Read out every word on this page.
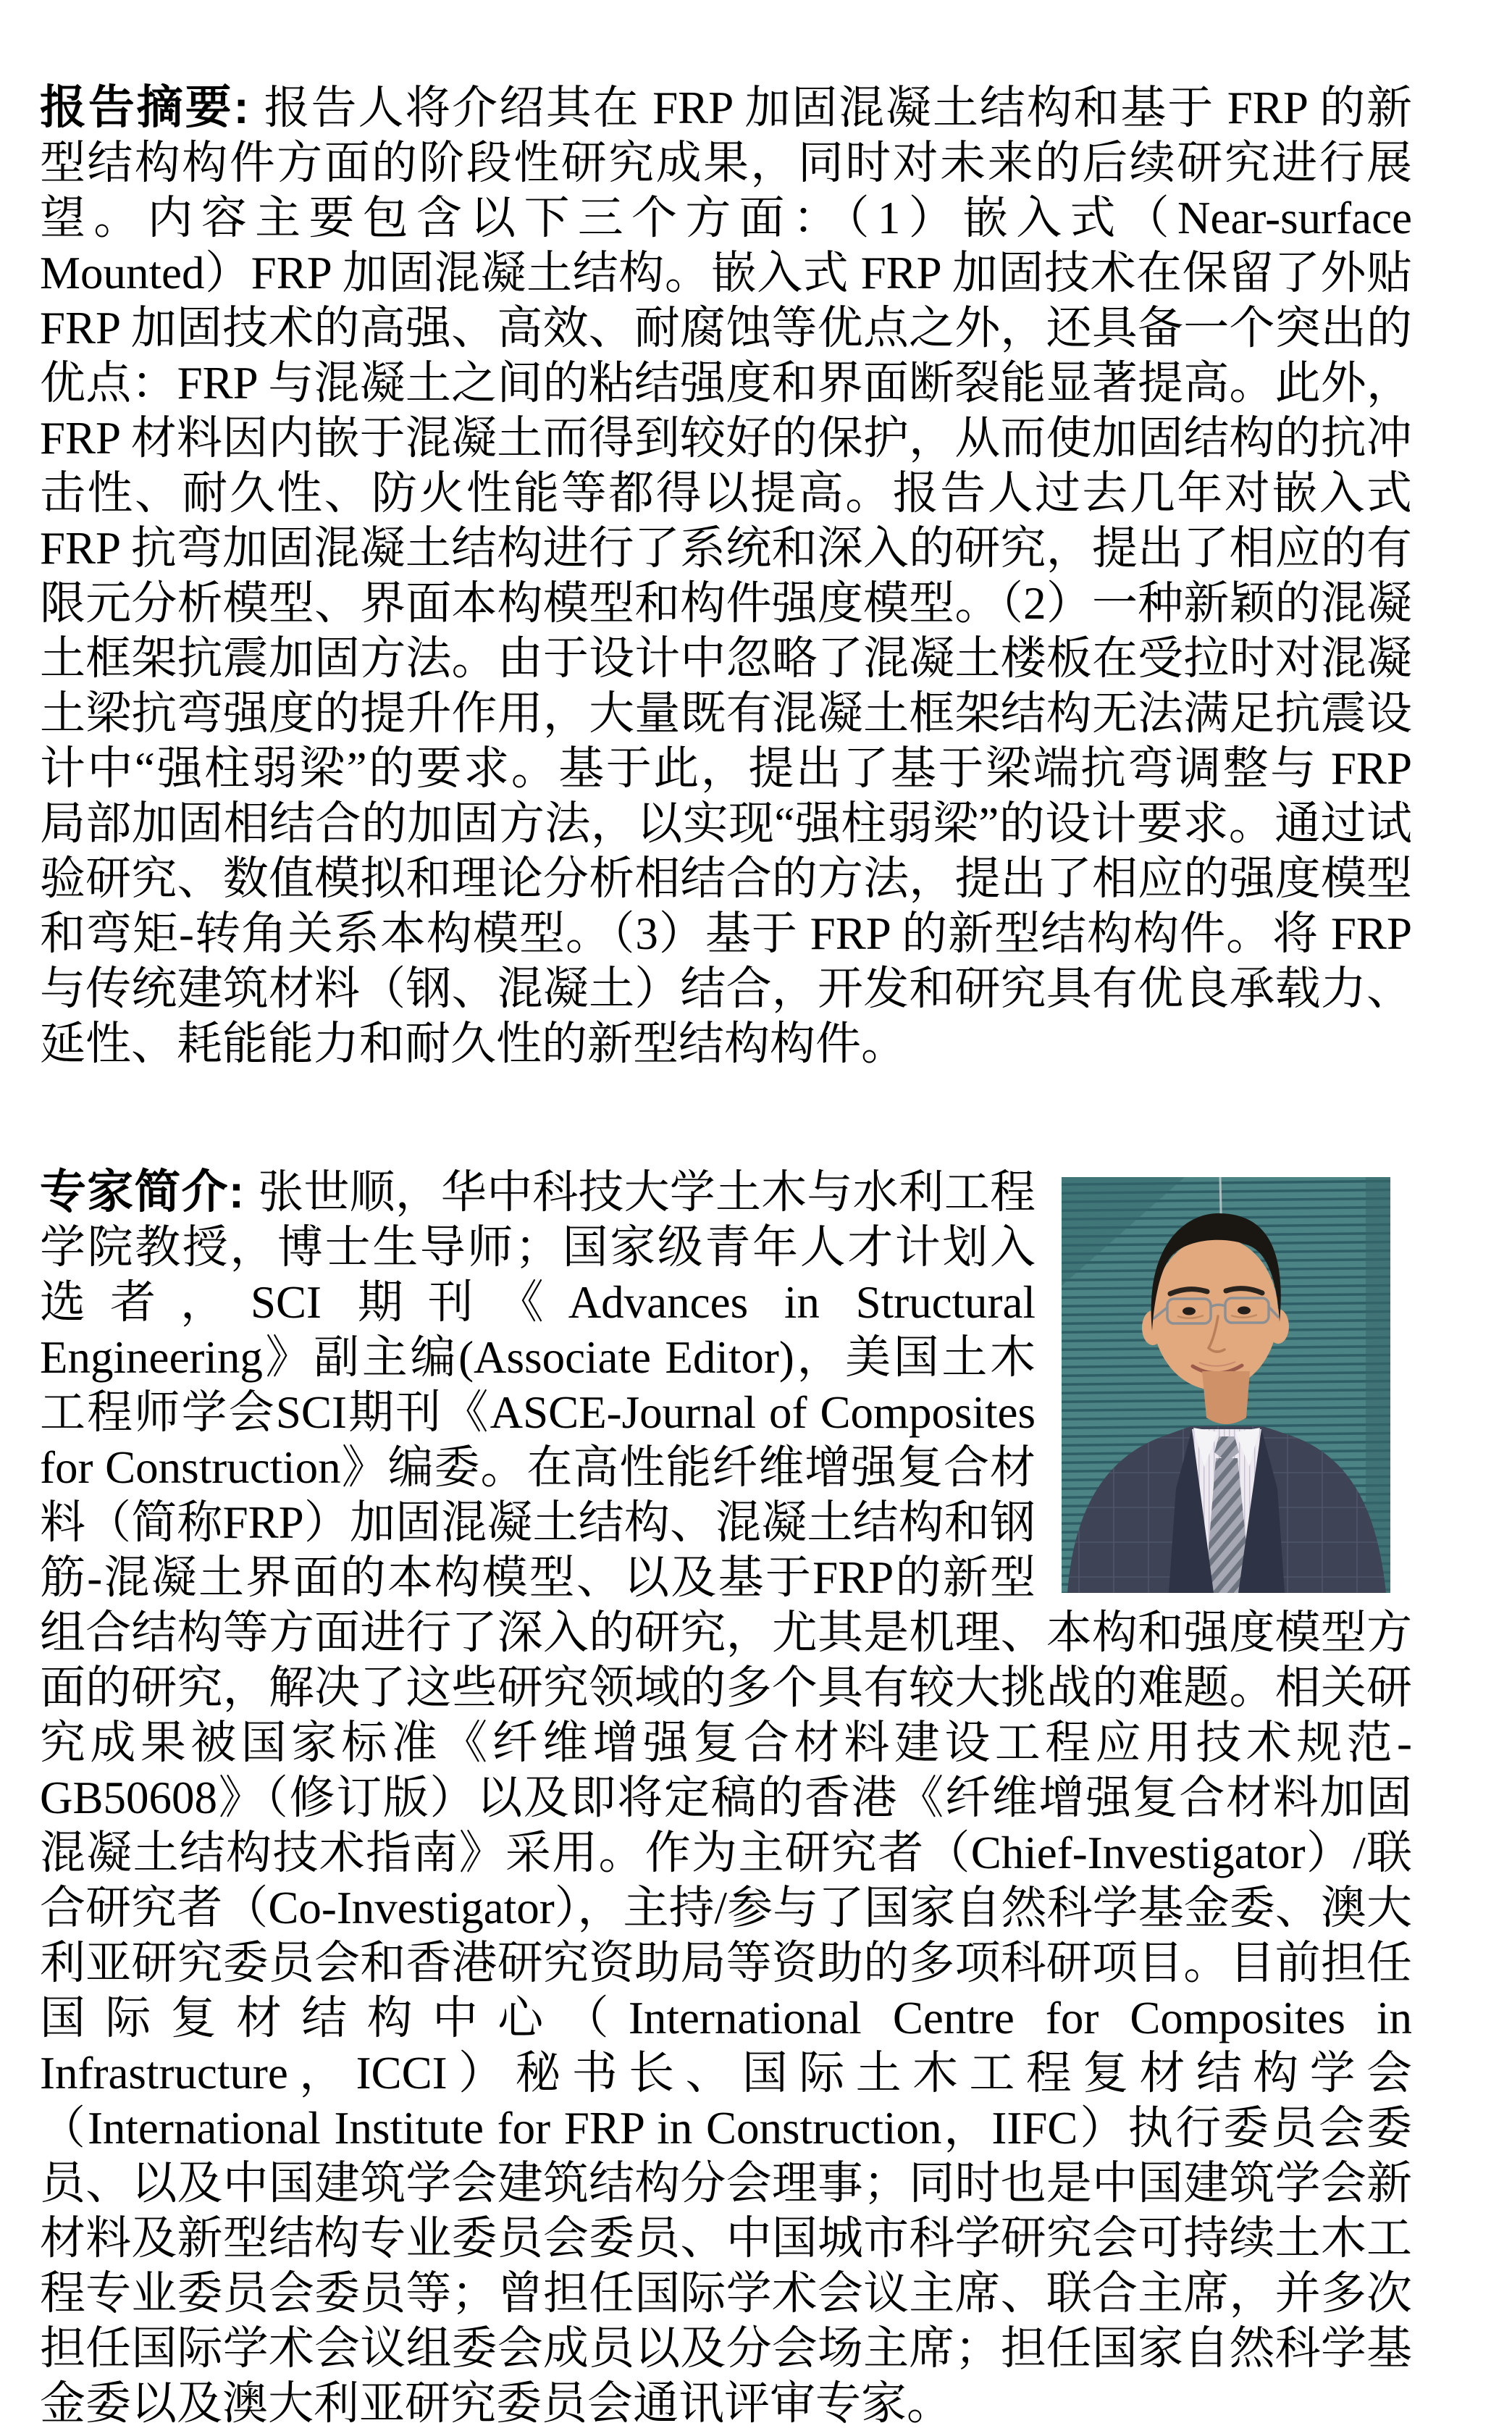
报告摘要: 报告人将介绍其在 FRP 加固混凝土结构和基于 FRP 的新型结构构件方面的阶段性研究成果，同时对未来的后续研究进行展望。内容主要包含以下三个方面：（1）嵌入式（Near-surface Mounted）FRP 加固混凝土结构。嵌入式 FRP 加固技术在保留了外贴 FRP 加固技术的高强、高效、耐腐蚀等优点之外，还具备一个突出的优点：FRP 与混凝土之间的粘结强度和界面断裂能显著提高。此外，FRP 材料因内嵌于混凝土而得到较好的保护，从而使加固结构的抗冲击性、耐久性、防火性能等都得以提高。报告人过去几年对嵌入式 FRP 抗弯加固混凝土结构进行了系统和深入的研究，提出了相应的有限元分析模型、界面本构模型和构件强度模型。（2）一种新颖的混凝土框架抗震加固方法。由于设计中忽略了混凝土楼板在受拉时对混凝土梁抗弯强度的提升作用，大量既有混凝土框架结构无法满足抗震设计中“强柱弱梁”的要求。基于此，提出了基于梁端抗弯调整与 FRP 局部加固相结合的加固方法，以实现“强柱弱梁”的设计要求。通过试验研究、数值模拟和理论分析相结合的方法，提出了相应的强度模型和弯矩-转角关系本构模型。（3）基于 FRP 的新型结构构件。将 FRP 与传统建筑材料（钢、混凝土）结合，开发和研究具有优良承载力、延性、耗能能力和耐久性的新型结构构件。

专家简介: 张世顺，华中科技大学土木与水利工程学院教授，博士生导师；国家级青年人才计划入选者，SCI 期刊《Advances in Structural Engineering》副主编(Associate Editor)，美国土木工程师学会SCI期刊《ASCE-Journal of Composites for Construction》编委。在高性能纤维增强复合材料（简称FRP）加固混凝土结构、混凝土结构和钢筋-混凝土界面的本构模型、以及基于FRP的新型组合结构等方面进行了深入的研究，尤其是机理、本构和强度模型方面的研究，解决了这些研究领域的多个具有较大挑战的难题。相关研究成果被国家标准《纤维增强复合材料建设工程应用技术规范-GB50608》（修订版）以及即将定稿的香港《纤维增强复合材料加固混凝土结构技术指南》采用。作为主研究者（Chief-Investigator）/联合研究者（Co-Investigator），主持/参与了国家自然科学基金委、澳大利亚研究委员会和香港研究资助局等资助的多项科研项目。目前担任国际复材结构中心（International Centre for Composites in Infrastructure，ICCI）秘书长、国际土木工程复材结构学会（International Institute for FRP in Construction，IIFC）执行委员会委员、以及中国建筑学会建筑结构分会理事；同时也是中国建筑学会新材料及新型结构专业委员会委员、中国城市科学研究会可持续土木工程专业委员会委员等；曾担任国际学术会议主席、联合主席，并多次担任国际学术会议组委会成员以及分会场主席；担任国家自然科学基金委以及澳大利亚研究委员会通讯评审专家。
